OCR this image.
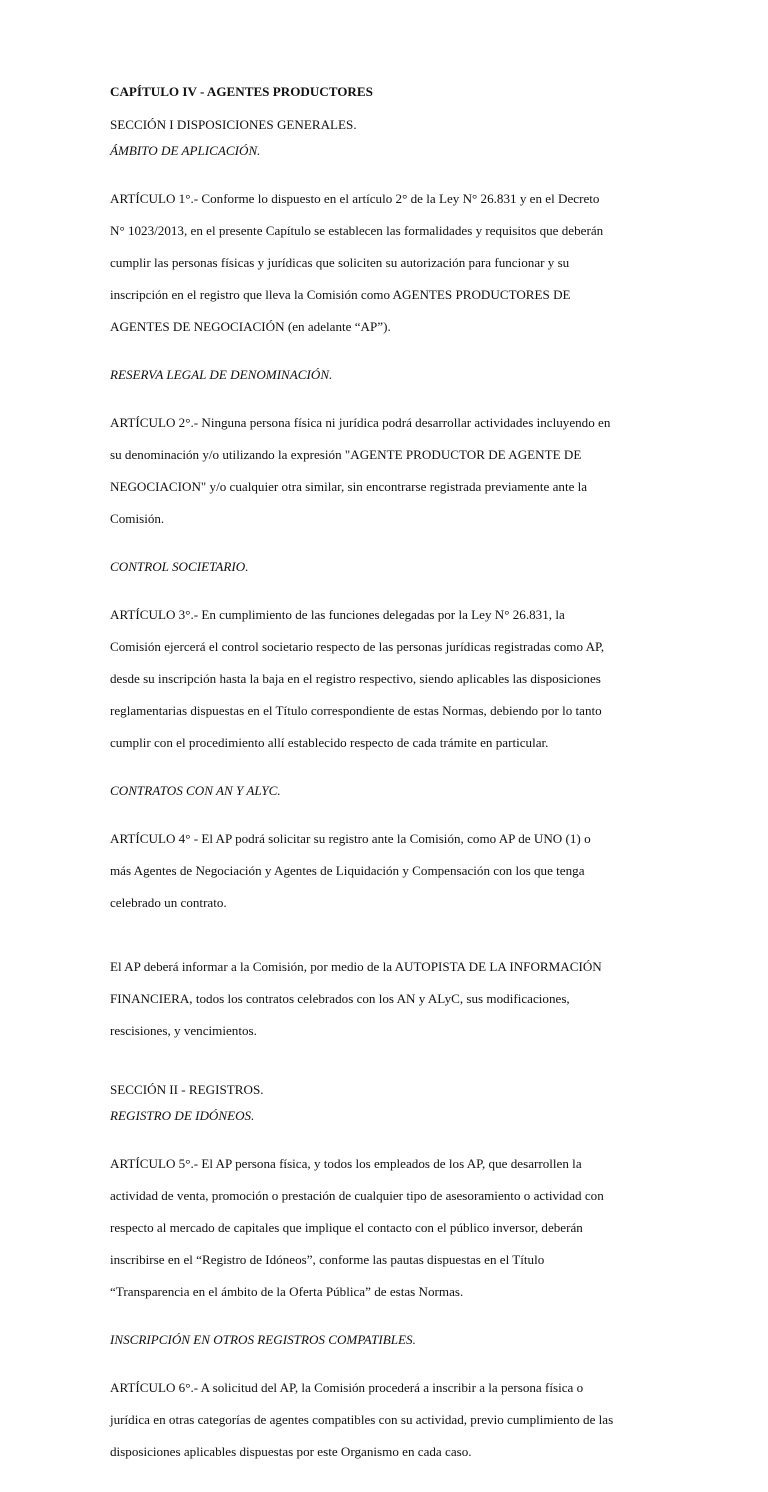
CAPÍTULO IV - AGENTES PRODUCTORES
SECCIÓN I DISPOSICIONES GENERALES.
ÁMBITO DE APLICACIÓN.

ARTÍCULO 1°.- Conforme lo dispuesto en el artículo 2° de la Ley N° 26.831 y en el Decreto

N° 1023/2013, en el presente Capítulo se establecen las formalidades y requisitos que deberán

cumplir las personas físicas y jurídicas que soliciten su autorización para funcionar y su

inscripción en el registro que lleva la Comisión como AGENTES PRODUCTORES DE

AGENTES DE NEGOCIACIÓN (en adelante “AP”).

RESERVA LEGAL DE DENOMINACIÓN.

ARTÍCULO 2°.- Ninguna persona física ni jurídica podrá desarrollar actividades incluyendo en

su denominación y/o utilizando la expresión "AGENTE PRODUCTOR DE AGENTE DE

NEGOCIACION" y/o cualquier otra similar, sin encontrarse registrada previamente ante la

Comisión.

CONTROL SOCIETARIO.

ARTÍCULO 3°.- En cumplimiento de las funciones delegadas por la Ley N° 26.831, la

Comisión ejercerá el control societario respecto de las personas jurídicas registradas como AP,

desde su inscripción hasta la baja en el registro respectivo, siendo aplicables las disposiciones

reglamentarias dispuestas en el Título correspondiente de estas Normas, debiendo por lo tanto

cumplir con el procedimiento allí establecido respecto de cada trámite en particular.

CONTRATOS CON AN Y ALYC.

ARTÍCULO 4° - El AP podrá solicitar su registro ante la Comisión, como AP de UNO (1) o

más Agentes de Negociación y Agentes de Liquidación y Compensación con los que tenga

celebrado un contrato.

El AP deberá informar a la Comisión, por medio de la AUTOPISTA DE LA INFORMACIÓN

FINANCIERA, todos los contratos celebrados con los AN y ALyC, sus modificaciones,

rescisiones, y vencimientos.

SECCIÓN II - REGISTROS.
REGISTRO DE IDÓNEOS.

ARTÍCULO 5°.- El AP persona física, y todos los empleados de los AP, que desarrollen la

actividad de venta, promoción o prestación de cualquier tipo de asesoramiento o actividad con

respecto al mercado de capitales que implique el contacto con el público inversor, deberán

inscribirse en el “Registro de Idóneos”, conforme las pautas dispuestas en el Título

“Transparencia en el ámbito de la Oferta Pública” de estas Normas.

INSCRIPCIÓN EN OTROS REGISTROS COMPATIBLES.

ARTÍCULO 6°.- A solicitud del AP, la Comisión procederá a inscribir a la persona física o

jurídica en otras categorías de agentes compatibles con su actividad, previo cumplimiento de las

disposiciones aplicables dispuestas por este Organismo en cada caso.
